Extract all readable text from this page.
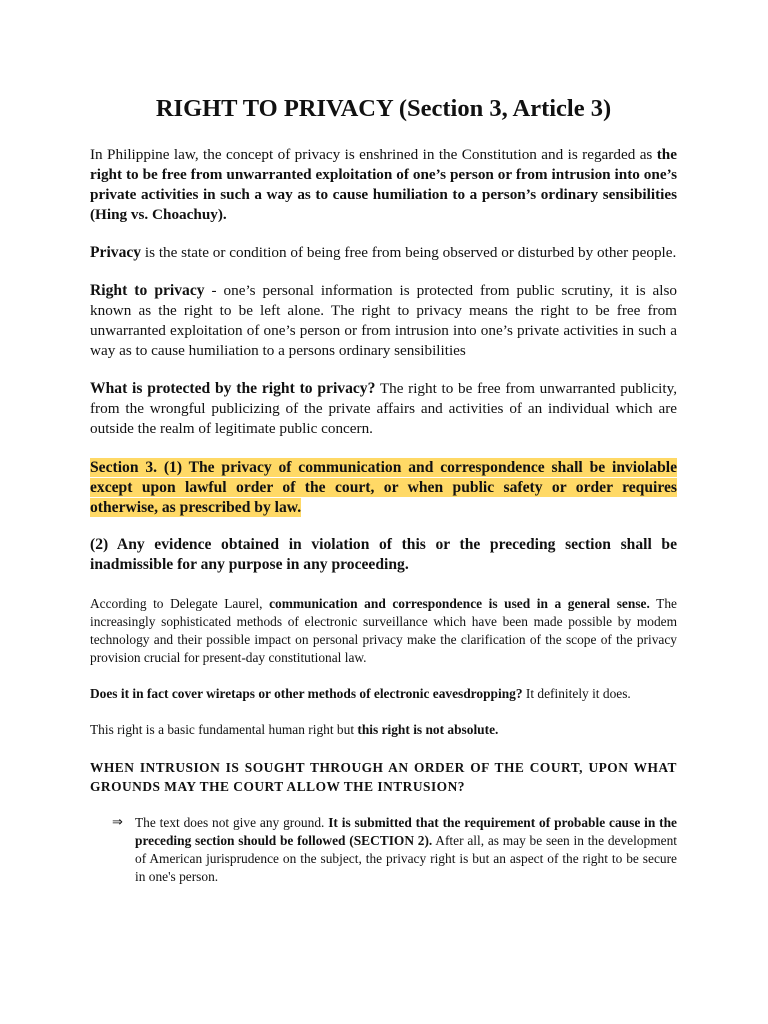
RIGHT TO PRIVACY (Section 3, Article 3)

In Philippine law, the concept of privacy is enshrined in the Constitution and is regarded as the right to be free from unwarranted exploitation of one’s person or from intrusion into one’s private activities in such a way as to cause humiliation to a person’s ordinary sensibilities (Hing vs. Choachuy).

Privacy is the state or condition of being free from being observed or disturbed by other people.

Right to privacy - one’s personal information is protected from public scrutiny, it is also known as the right to be left alone. The right to privacy means the right to be free from unwarranted exploitation of one’s person or from intrusion into one’s private activities in such a way as to cause humiliation to a persons ordinary sensibilities

What is protected by the right to privacy? The right to be free from unwarranted publicity, from the wrongful publicizing of the private affairs and activities of an individual which are outside the realm of legitimate public concern.

Section 3. (1) The privacy of communication and correspondence shall be inviolable except upon lawful order of the court, or when public safety or order requires otherwise, as prescribed by law.

(2) Any evidence obtained in violation of this or the preceding section shall be inadmissible for any purpose in any proceeding.

According to Delegate Laurel, communication and correspondence is used in a general sense. The increasingly sophisticated methods of electronic surveillance which have been made possible by modem technology and their possible impact on personal privacy make the clarification of the scope of the privacy provision crucial for present-day constitutional law.

Does it in fact cover wiretaps or other methods of electronic eavesdropping? It definitely it does.

This right is a basic fundamental human right but this right is not absolute.

WHEN INTRUSION IS SOUGHT THROUGH AN ORDER OF THE COURT, UPON WHAT GROUNDS MAY THE COURT ALLOW THE INTRUSION?

⇒ The text does not give any ground. It is submitted that the requirement of probable cause in the preceding section should be followed (SECTION 2). After all, as may be seen in the development of American jurisprudence on the subject, the privacy right is but an aspect of the right to be secure in one's person.
